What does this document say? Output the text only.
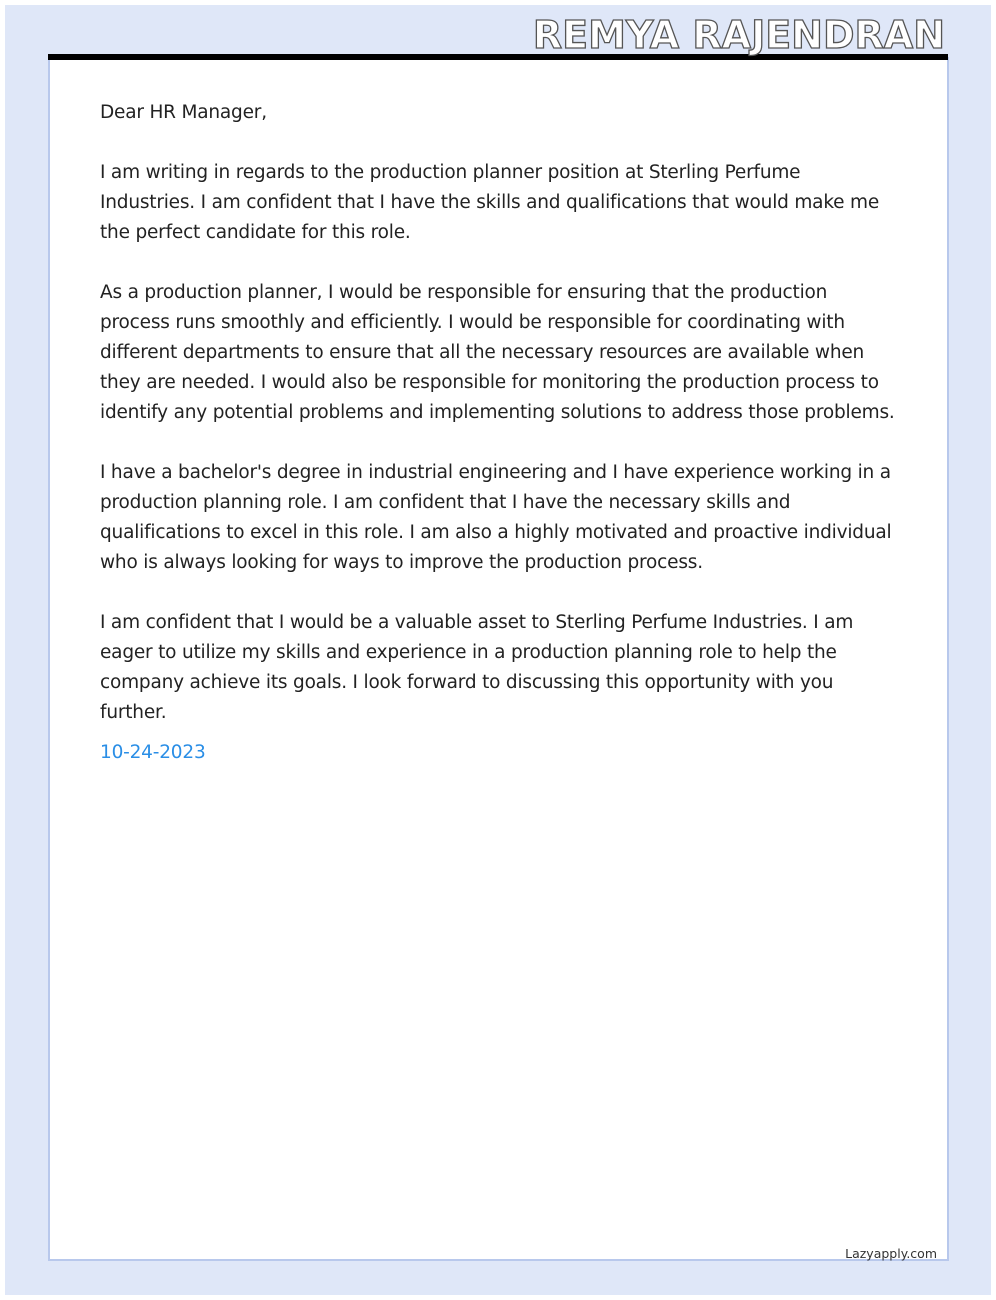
REMYA RAJENDRAN
Dear HR Manager,

I am writing in regards to the production planner position at Sterling Perfume Industries. I am confident that I have the skills and qualifications that would make me the perfect candidate for this role.

As a production planner, I would be responsible for ensuring that the production process runs smoothly and efficiently. I would be responsible for coordinating with different departments to ensure that all the necessary resources are available when they are needed. I would also be responsible for monitoring the production process to identify any potential problems and implementing solutions to address those problems.

I have a bachelor's degree in industrial engineering and I have experience working in a production planning role. I am confident that I have the necessary skills and qualifications to excel in this role. I am also a highly motivated and proactive individual who is always looking for ways to improve the production process.

I am confident that I would be a valuable asset to Sterling Perfume Industries. I am eager to utilize my skills and experience in a production planning role to help the company achieve its goals. I look forward to discussing this opportunity with you further.

10-24-2023
Lazyapply.com
